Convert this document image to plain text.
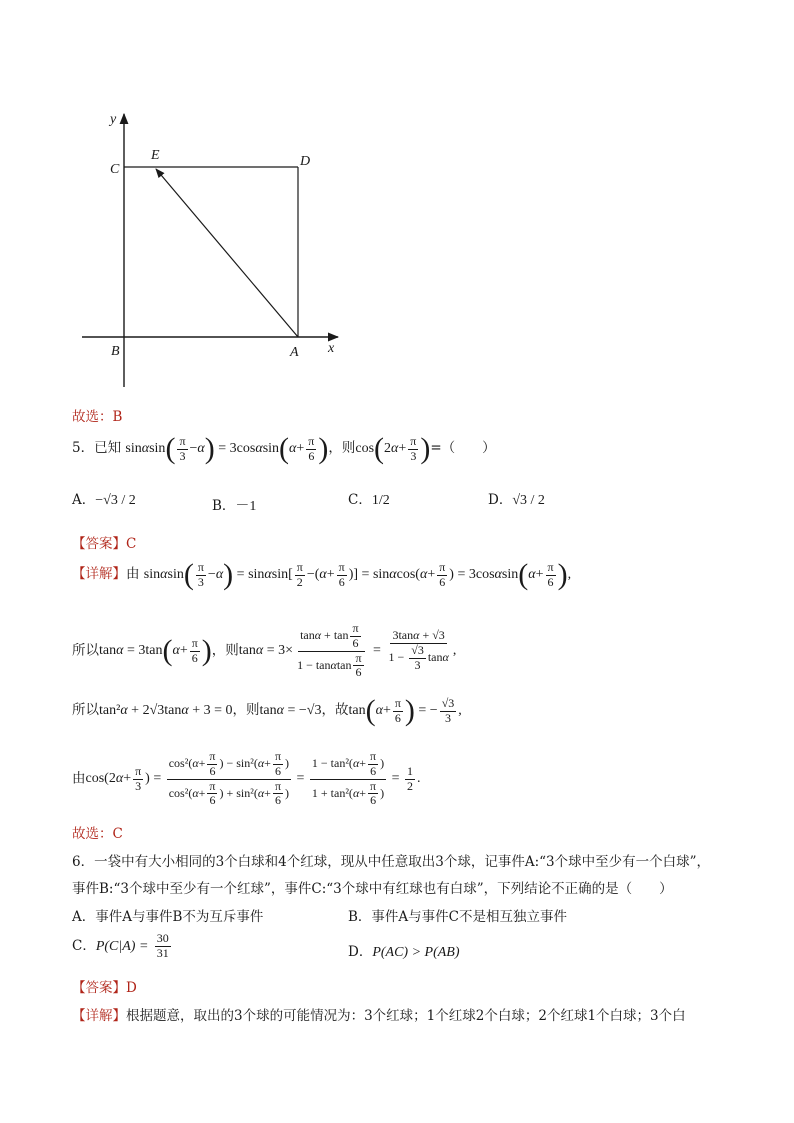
y
x
C
E	D
B	A
故选：B
5．已知 $\sin\alpha\sin( \frac{\pi}{3} -\alpha) = 3\cos\alpha\sin(\alpha+ \frac{\pi}{6}$ )，则$\cos(2\alpha+ \frac{\pi}{3}$ )=（　　）
A．−√3 / 2	B．－1	C．1/2	D．√3 / 2
【答案】C
【详解】由 $\sin\alpha\sin( \frac{\pi}{3} -\alpha) = \sin\alpha\sin[ \frac{\pi}{2} -(\alpha+ \frac{\pi}{6}$ )] = $\sin\alpha\cos(\alpha+ \frac{\pi}{6}$ ) = $3\cos\alpha\sin(\alpha+ \frac{\pi}{6}$ ),
所以$\tan\alpha = 3\tan(\alpha+ \frac{\pi}{6}$ )，则$\tan\alpha = 3\times \frac{\tan\alpha + \tan \frac{\pi}{6}}{1 - \tan\alpha\tan \frac{\pi}{6}} = \frac{3\tan\alpha + √3}{1 - \frac{√3}{3} \tan\alpha}$ ,
所以tan²α + 2√3tanα + 3 = 0，则tanα = −√3，故$\tan(\alpha+ \frac{\pi}{6}$ ) = − $\frac{√3}{3}$ ,
由$\cos(2\alpha+ \frac{\pi}{3}$ ) = $\frac{\cos^2(\alpha+ \frac{\pi}{6} ) - \sin^2(\alpha+ \frac{\pi}{6} )}{\cos^2(\alpha+ \frac{\pi}{6} ) + \sin^2(\alpha+ \frac{\pi}{6} )} = \frac{1 - \tan^2(\alpha+ \frac{\pi}{6} )}{1 + \tan^2(\alpha+ \frac{\pi}{6} )} = \frac{1}{2}$ .
故选：C
6．一袋中有大小相同的3个白球和4个红球，现从中任意取出3个球，记事件A:“3个球中至少有一个白球”，
事件B:“3个球中至少有一个红球”，事件C:“3个球中有红球也有白球”，下列结论不正确的是（　　）
A．事件A与事件B不为互斥事件	B．事件A与事件C不是相互独立事件
C．$P(C|A) = \frac{30}{31}$	D．P(AC) > P(AB)
【答案】D
【详解】根据题意，取出的3个球的可能情况为：3个红球；1个红球2个白球；2个红球1个白球；3个白
